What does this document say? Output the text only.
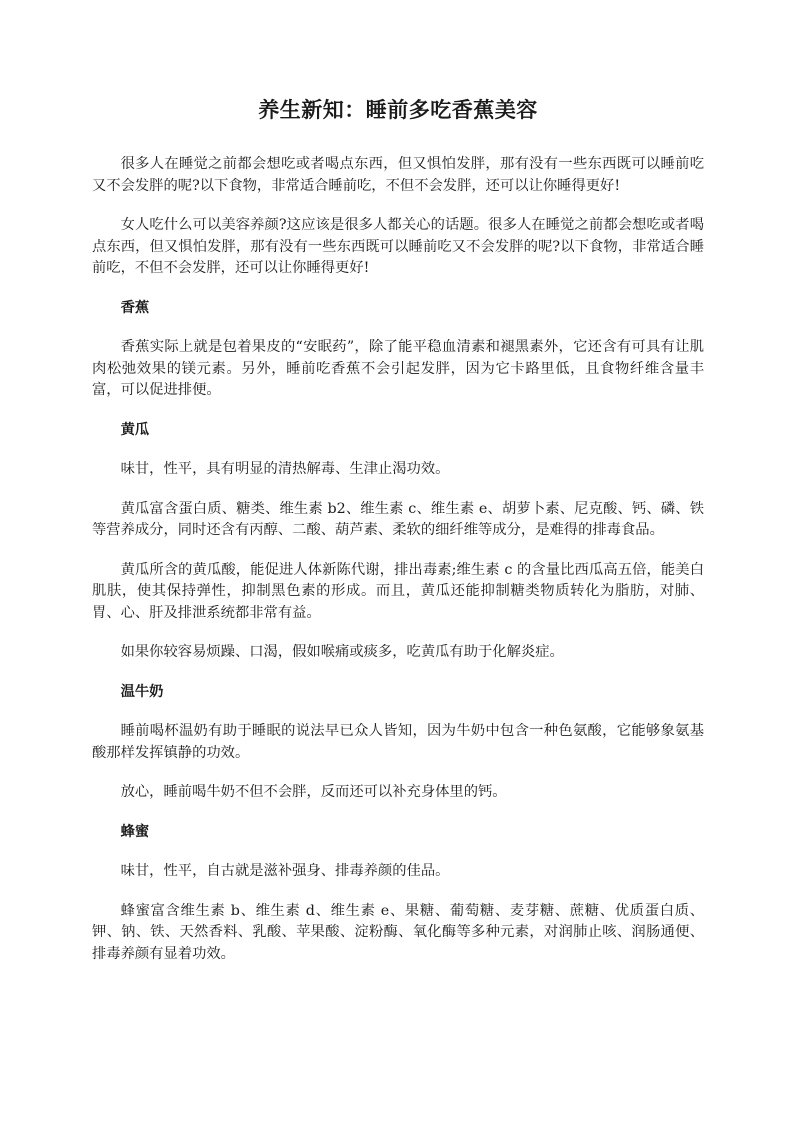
养生新知：睡前多吃香蕉美容

很多人在睡觉之前都会想吃或者喝点东西，但又惧怕发胖，那有没有一些东西既可以睡前吃又不会发胖的呢?以下食物，非常适合睡前吃，不但不会发胖，还可以让你睡得更好!

女人吃什么可以美容养颜?这应该是很多人都关心的话题。很多人在睡觉之前都会想吃或者喝点东西，但又惧怕发胖，那有没有一些东西既可以睡前吃又不会发胖的呢?以下食物，非常适合睡前吃，不但不会发胖，还可以让你睡得更好!

香蕉

香蕉实际上就是包着果皮的“安眠药”，除了能平稳血清素和褪黑素外，它还含有可具有让肌肉松弛效果的镁元素。另外，睡前吃香蕉不会引起发胖，因为它卡路里低，且食物纤维含量丰富，可以促进排便。

黄瓜

味甘，性平，具有明显的清热解毒、生津止渴功效。

黄瓜富含蛋白质、糖类、维生素 b2、维生素 c、维生素 e、胡萝卜素、尼克酸、钙、磷、铁等营养成分，同时还含有丙醇、二酸、葫芦素、柔软的细纤维等成分，是难得的排毒食品。

黄瓜所含的黄瓜酸，能促进人体新陈代谢，排出毒素;维生素 c 的含量比西瓜高五倍，能美白肌肤，使其保持弹性，抑制黑色素的形成。而且，黄瓜还能抑制糖类物质转化为脂肪，对肺、胃、心、肝及排泄系统都非常有益。

如果你较容易烦躁、口渴，假如喉痛或痰多，吃黄瓜有助于化解炎症。

温牛奶

睡前喝杯温奶有助于睡眠的说法早已众人皆知，因为牛奶中包含一种色氨酸，它能够象氨基酸那样发挥镇静的功效。

放心，睡前喝牛奶不但不会胖，反而还可以补充身体里的钙。

蜂蜜

味甘，性平，自古就是滋补强身、排毒养颜的佳品。

蜂蜜富含维生素 b、维生素 d、维生素 e、果糖、葡萄糖、麦芽糖、蔗糖、优质蛋白质、钾、钠、铁、天然香料、乳酸、苹果酸、淀粉酶、氧化酶等多种元素，对润肺止咳、润肠通便、排毒养颜有显着功效。
